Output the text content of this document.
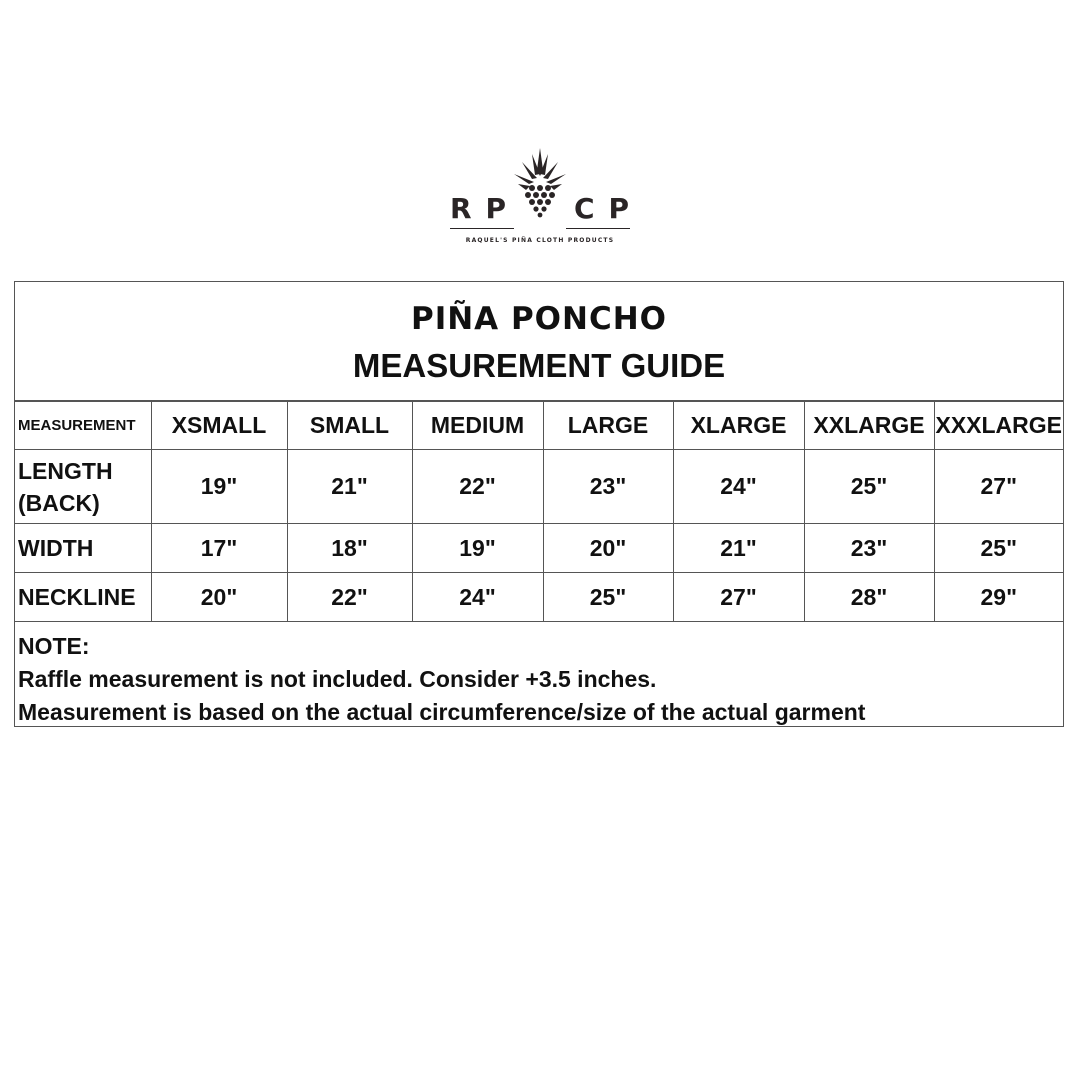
RP CP
RAQUEL'S PIÑA CLOTH PRODUCTS
PIÑA PONCHO
MEASUREMENT GUIDE
MEASUREMENT	XSMALL	SMALL	MEDIUM	LARGE	XLARGE	XXLARGE	XXXLARGE
LENGTH
(BACK)	19"	21"	22"	23"	24"	25"	27"
WIDTH	17"	18"	19"	20"	21"	23"	25"
NECKLINE	20"	22"	24"	25"	27"	28"	29"
NOTE:
Raffle measurement is not included. Consider +3.5 inches.
Measurement is based on the actual circumference/size of the actual garment
